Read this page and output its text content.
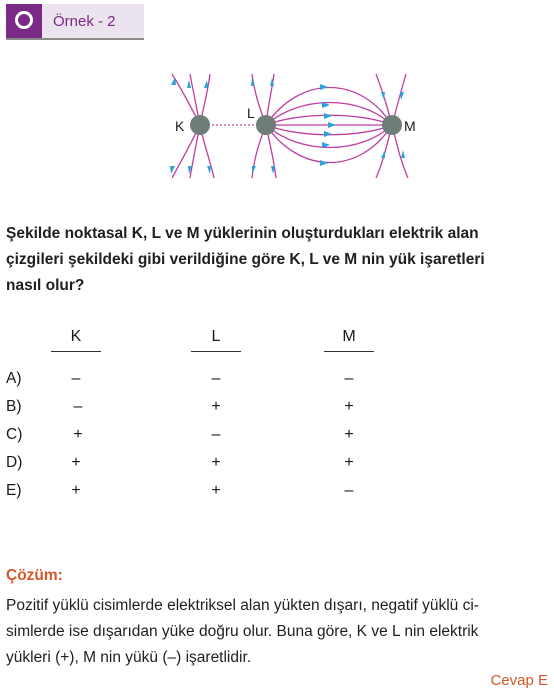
Örnek - 2
K
L
M
Şekilde noktasal K, L ve M yüklerinin oluşturdukları elektrik alan
çizgileri şekildeki gibi verildiğine göre K, L ve M nin yük işaretleri
nasıl olur?
K	L	M
A)	–	–	–
B)	–	+	+
C)	+	–	+
D)	+	+	+
E)	+	+	–
Çözüm:
Pozitif yüklü cisimlerde elektriksel alan yükten dışarı, negatif yüklü ci-
simlerde ise dışarıdan yüke doğru olur. Buna göre, K ve L nin elektrik
yükleri (+), M nin yükü (–) işaretlidir.
Cevap E
